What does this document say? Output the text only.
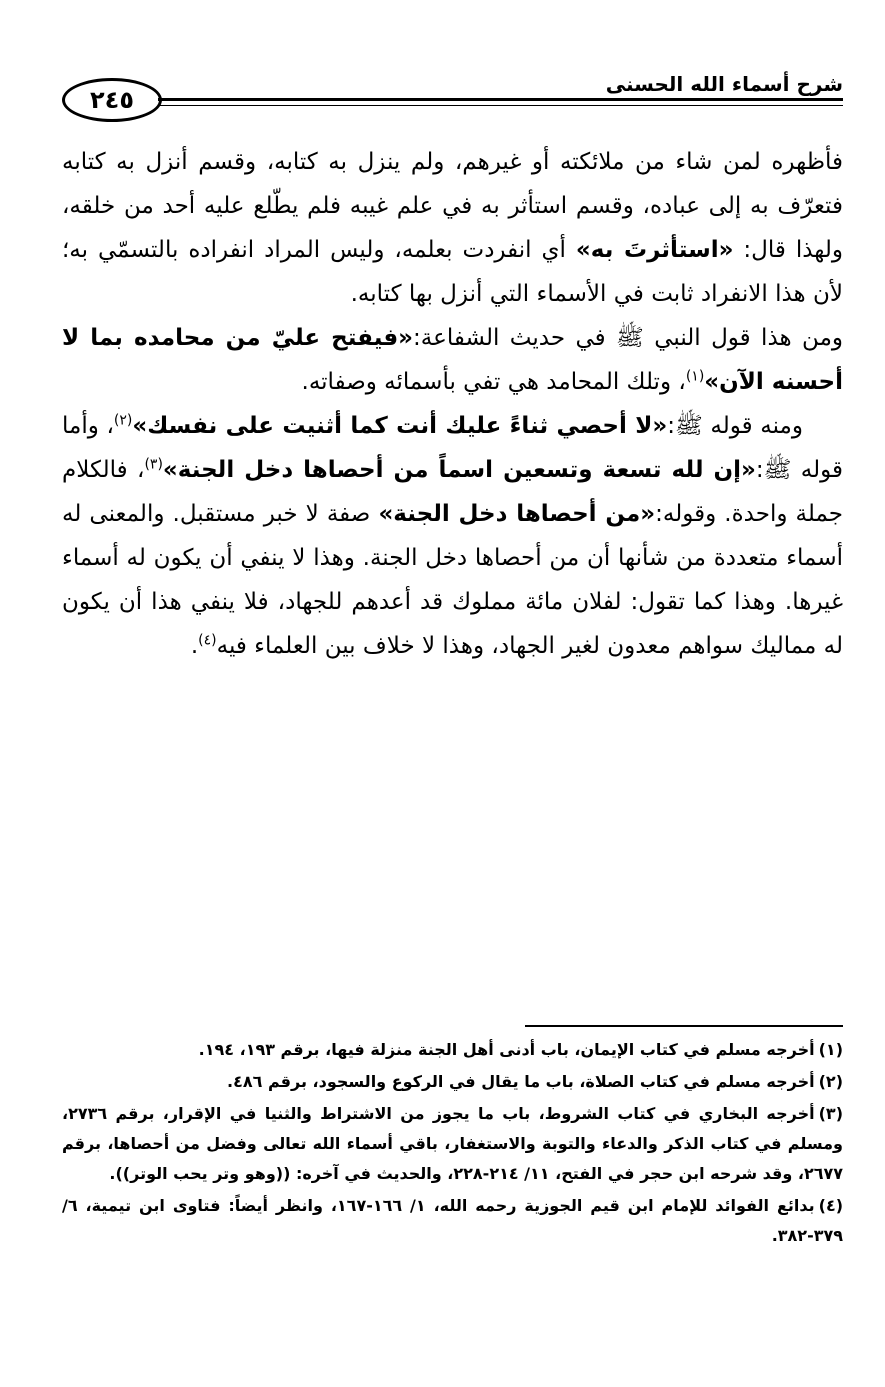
٢٤٥
شرح أسماء الله الحسنى

فأظهره لمن شاء من ملائكته أو غيرهم، ولم ينزل به كتابه، وقسم أنزل به كتابه فتعرّف به إلى عباده، وقسم استأثر به في علم غيبه فلم يطّلع عليه أحد من خلقه، ولهذا قال: «استأثرتَ به» أي انفردت بعلمه، وليس المراد انفراده بالتسمّي به؛ لأن هذا الانفراد ثابت في الأسماء التي أنزل بها كتابه.

ومن هذا قول النبي ﷺ في حديث الشفاعة:«فيفتح عليّ من محامده بما لا أحسنه الآن»$^{(١)}$، وتلك المحامد هي تفي بأسمائه وصفاته.

ومنه قوله ﷺ:«لا أحصي ثناءً عليك أنت كما أثنيت على نفسك»$^{(٢)}$، وأما قوله ﷺ:«إن لله تسعة وتسعين اسماً من أحصاها دخل الجنة»$^{(٣)}$، فالكلام جملة واحدة. وقوله:«من أحصاها دخل الجنة» صفة لا خبر مستقبل. والمعنى له أسماء متعددة من شأنها أن من أحصاها دخل الجنة. وهذا لا ينفي أن يكون له أسماء غيرها. وهذا كما تقول: لفلان مائة مملوك قد أعدهم للجهاد، فلا ينفي هذا أن يكون له مماليك سواهم معدون لغير الجهاد، وهذا لا خلاف بين العلماء فيه$^{(٤)}$.

(١)أخرجه مسلم في كتاب الإيمان، باب أدنى أهل الجنة منزلة فيها، برقم ١٩٣، ١٩٤.

(٢)أخرجه مسلم في كتاب الصلاة، باب ما يقال في الركوع والسجود، برقم ٤٨٦.

(٣)أخرجه البخاري في كتاب الشروط، باب ما يجوز من الاشتراط والثنيا في الإقرار، برقم ٢٧٣٦، ومسلم في كتاب الذكر والدعاء والتوبة والاستغفار، باقي أسماء الله تعالى وفضل من أحصاها، برقم ٢٦٧٧، وقد شرحه ابن حجر في الفتح، ١١/ ٢١٤-٢٢٨، والحديث في آخره: ((وهو وتر يحب الوتر)).

(٤)بدائع الفوائد للإمام ابن قيم الجوزية رحمه الله، ١/ ١٦٦-١٦٧، وانظر أيضاً: فتاوى ابن تيمية، ٦/ ٣٧٩-٣٨٢.
